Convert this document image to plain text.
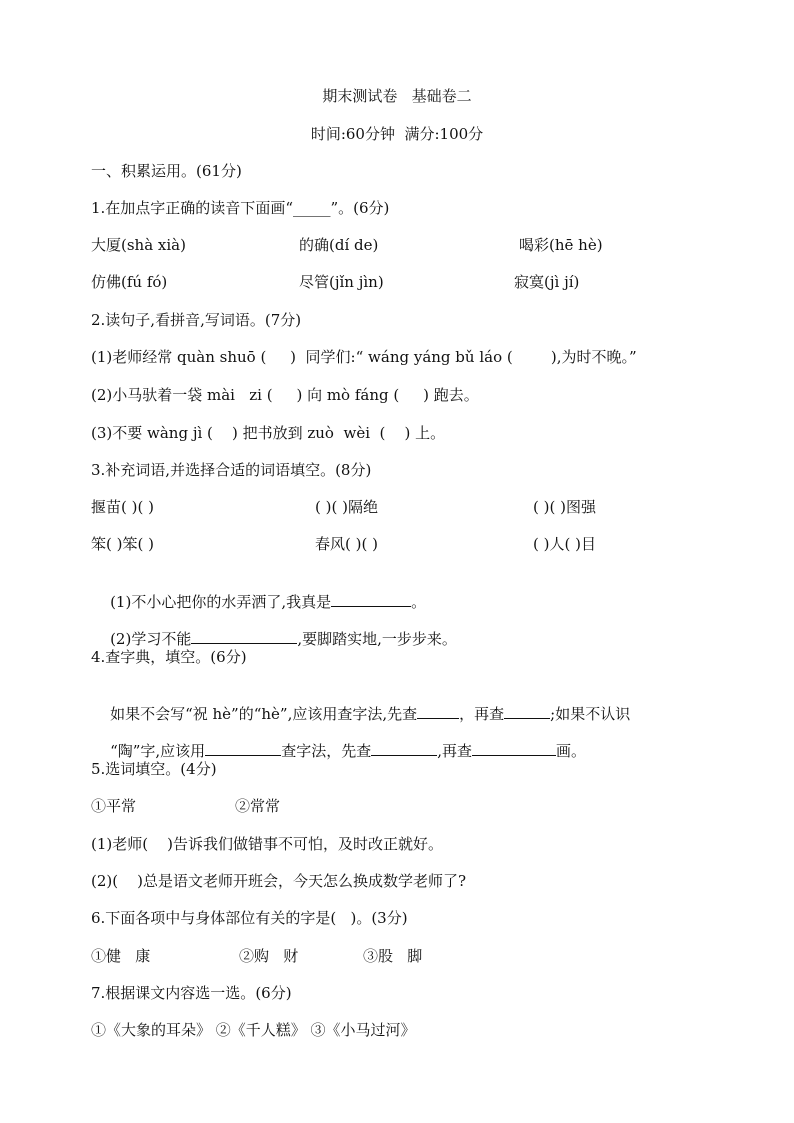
期末测试卷   基础卷二
时间:60分钟  满分:100分
一、积累运用。(61分)
1.在加点字正确的读音下面画“_____”。(6分)
大厦(shà xià)	的确(dí de)	喝彩(hē hè)
仿佛(fú fó)	尽管(jǐn jìn)	寂寞(jì jí)
2.读句子,看拼音,写词语。(7分)
(1)老师经常 quàn shuō (     )  同学们:“ wáng yáng bǔ láo (        ),为时不晚。”
(2)小马驮着一袋 mài   zi (     ) 向 mò fáng (     ) 跑去。
(3)不要 wàng jì (    ) 把书放到 zuò  wèi  (    ) 上。
3.补充词语,并选择合适的词语填空。(8分)
揠苗( )( )	( )( )隔绝	( )( )图强
笨( )笨( )	春风( )( )	( )人( )目

(1)不小心把你的水弄洒了,我真是	。

(2)学习不能	,要脚踏实地,一步步来。

4.查字典，填空。(6分)

如果不会写“祝 hè”的“hè”,应该用查字法,先查	，再查	;如果不认识

“陶”字,应该用	查字法，先查	,再查	画。

5.选词填空。(4分)
①平常	②常常
(1)老师(    )告诉我们做错事不可怕，及时改正就好。
(2)(    )总是语文老师开班会，今天怎么换成数学老师了?
6.下面各项中与身体部位有关的字是(   )。(3分)
①健   康	②购   财	③股   脚
7.根据课文内容选一选。(6分)
①《大象的耳朵》 ②《千人糕》 ③《小马过河》
